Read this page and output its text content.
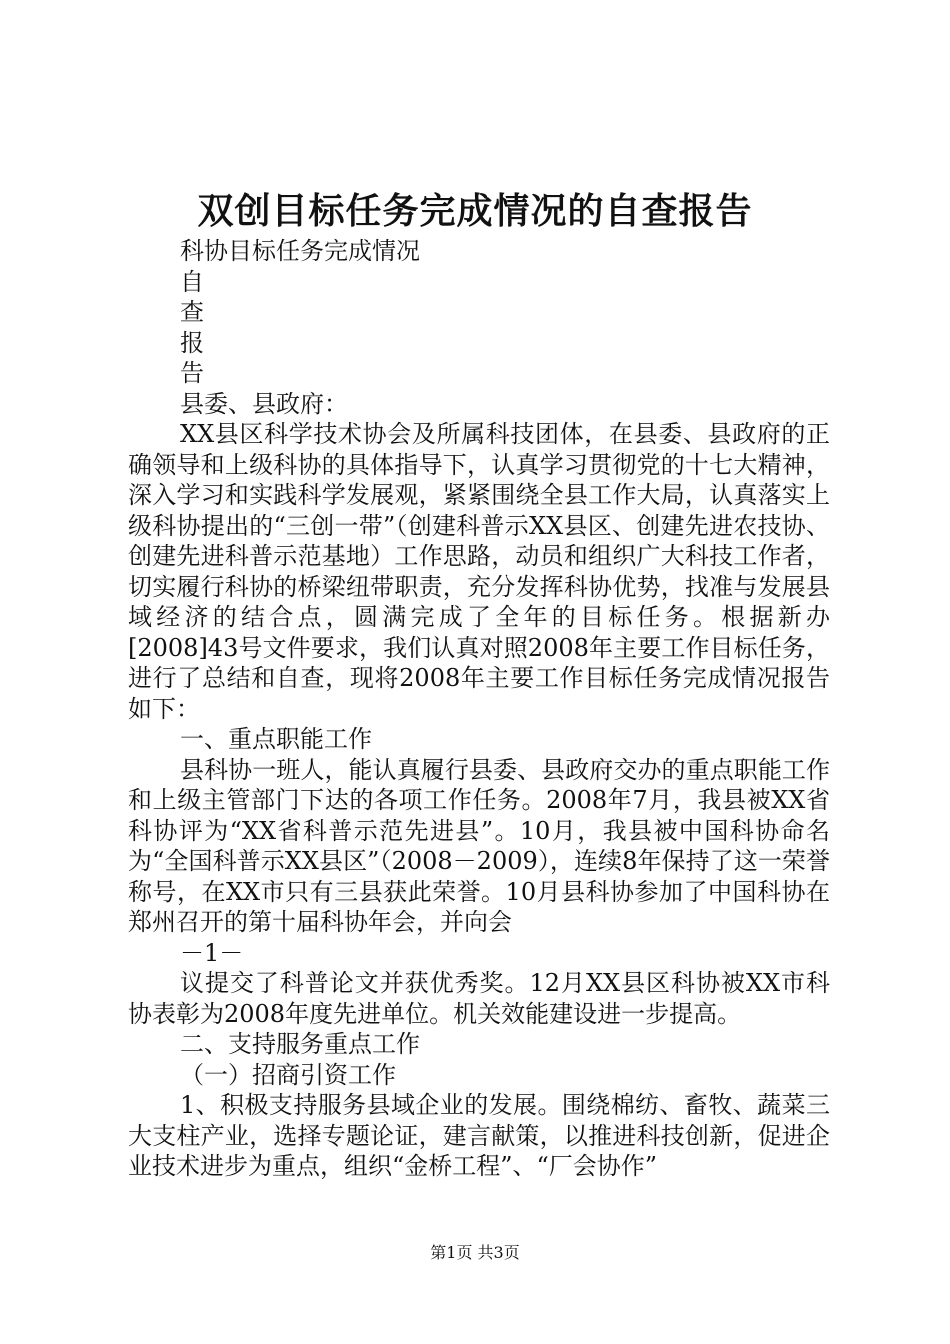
双创目标任务完成情况的自查报告
科协目标任务完成情况
自
查
报
告
县委、县政府：
XX县区科学技术协会及所属科技团体，在县委、县政府的正确领导和上级科协的具体指导下，认真学习贯彻党的十七大精神，深入学习和实践科学发展观，紧紧围绕全县工作大局，认真落实上级科协提出的“三创一带”（创建科普示XX县区、创建先进农技协、创建先进科普示范基地）工作思路，动员和组织广大科技工作者，切实履行科协的桥梁纽带职责，充分发挥科协优势，找准与发展县域经济的结合点，圆满完成了全年的目标任务。根据新办[2008]43号文件要求，我们认真对照2008年主要工作目标任务，进行了总结和自查，现将2008年主要工作目标任务完成情况报告如下：
一、重点职能工作
县科协一班人，能认真履行县委、县政府交办的重点职能工作和上级主管部门下达的各项工作任务。2008年7月，我县被XX省科协评为“XX省科普示范先进县”。10月，我县被中国科协命名为“全国科普示XX县区”（2008－2009），连续8年保持了这一荣誉称号，在XX市只有三县获此荣誉。10月县科协参加了中国科协在郑州召开的第十届科协年会，并向会
－1－
议提交了科普论文并获优秀奖。12月XX县区科协被XX市科协表彰为2008年度先进单位。机关效能建设进一步提高。
二、支持服务重点工作
（一）招商引资工作
1、积极支持服务县域企业的发展。围绕棉纺、畜牧、蔬菜三大支柱产业，选择专题论证，建言献策，以推进科技创新，促进企业技术进步为重点，组织“金桥工程”、“厂会协作”
第1页 共3页
